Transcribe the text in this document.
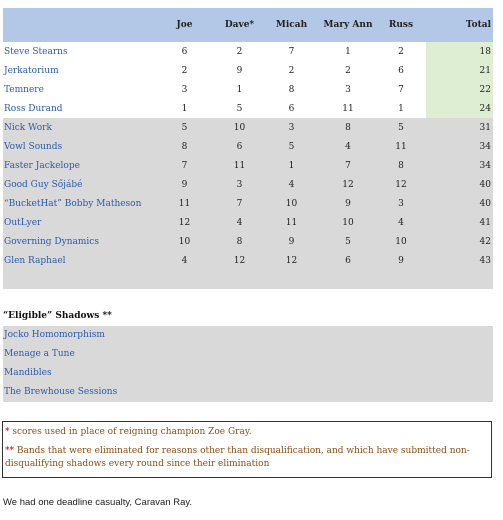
	Joe	Dave*	Micah	Mary Ann	Russ	Total
Steve Stearns	6	2	7	1	2	18
Jerkatorium	2	9	2	2	6	21
Temnere	3	1	8	3	7	22
Ross Durand	1	5	6	11	1	24
Nick Work	5	10	3	8	5	31
Vowl Sounds	8	6	5	4	11	34
Faster Jackelope	7	11	1	7	8	34
Good Guy Sőjábé	9	3	4	12	12	40
“BucketHat” Bobby Matheson	11	7	10	9	3	40
OutLyer	12	4	11	10	4	41
Governing Dynamics	10	8	9	5	10	42
Glen Raphael	4	12	12	6	9	43
“Eligible” Shadows **
Jocko Homomorphism
Menage a Tune
Mandibles
The Brewhouse Sessions
* scores used in place of reigning champion Zoe Gray.
** Bands that were eliminated for reasons other than disqualification, and which have submitted non-disqualifying shadows every round since their elimination
We had one deadline casualty, Caravan Ray.
